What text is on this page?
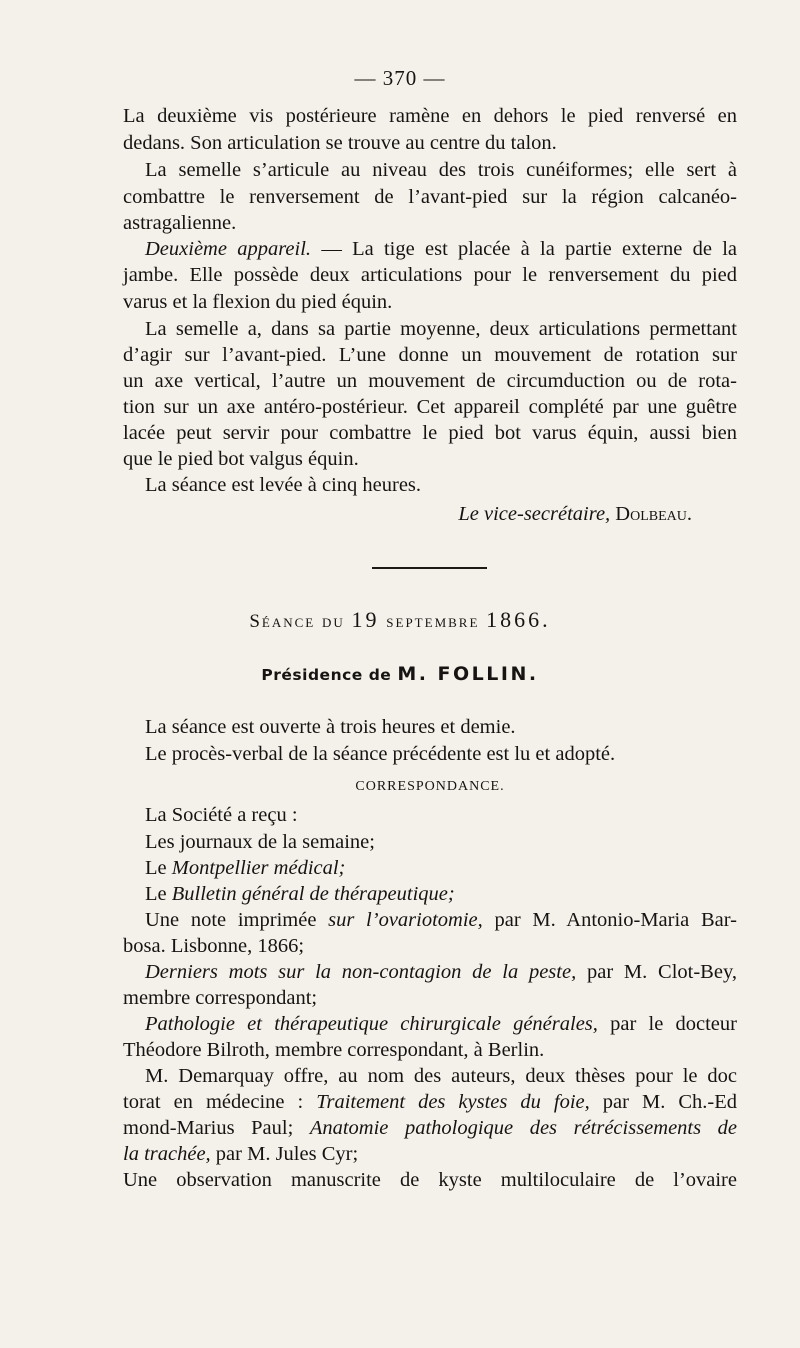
— 370 —
La deuxième vis postérieure ramène en dehors le pied renversé en
dedans. Son articulation se trouve au centre du talon.
La semelle s’articule au niveau des trois cunéiformes; elle sert à
combattre le renversement de l’avant-pied sur la région calcanéo-
astragalienne.
Deuxième appareil. — La tige est placée à la partie externe de la
jambe. Elle possède deux articulations pour le renversement du pied
varus et la flexion du pied équin.
La semelle a, dans sa partie moyenne, deux articulations permettant
d’agir sur l’avant-pied. L’une donne un mouvement de rotation sur
un axe vertical, l’autre un mouvement de circumduction ou de rota-
tion sur un axe antéro-postérieur. Cet appareil complété par une guêtre
lacée peut servir pour combattre le pied bot varus équin, aussi bien
que le pied bot valgus équin.
La séance est levée à cinq heures.
Le vice-secrétaire, Dolbeau.
Séance du 19 septembre 1866.
Présidence de M. FOLLIN.
La séance est ouverte à trois heures et demie.
Le procès-verbal de la séance précédente est lu et adopté.
CORRESPONDANCE.
La Société a reçu :
Les journaux de la semaine;
Le Montpellier médical;
Le Bulletin général de thérapeutique;
Une note imprimée sur l’ovariotomie, par M. Antonio-Maria Bar-
bosa. Lisbonne, 1866;
Derniers mots sur la non-contagion de la peste, par M. Clot-Bey,
membre correspondant;
Pathologie et thérapeutique chirurgicale générales, par le docteur
Théodore Bilroth, membre correspondant, à Berlin.
M. Demarquay offre, au nom des auteurs, deux thèses pour le doc
torat en médecine : Traitement des kystes du foie, par M. Ch.-Ed
mond-Marius Paul; Anatomie pathologique des rétrécissements de
la trachée, par M. Jules Cyr;
Une observation manuscrite de kyste multiloculaire de l’ovaire
